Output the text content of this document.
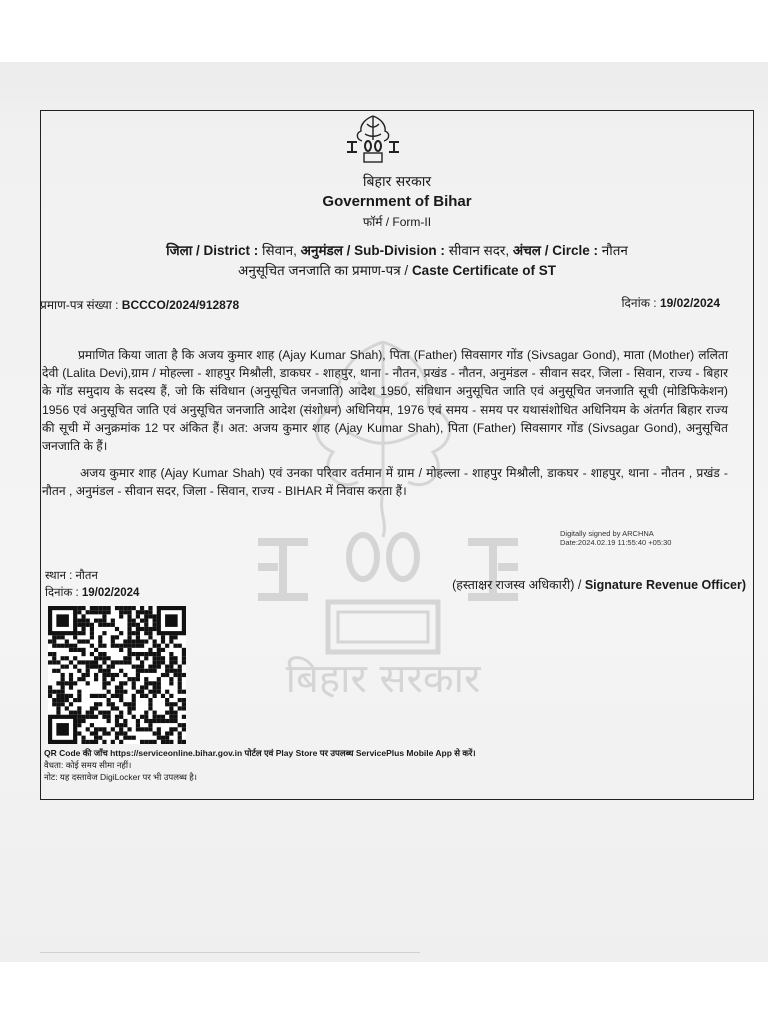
बिहार सरकार
बिहार सरकार
Government of Bihar
फॉर्म / Form-II
जिला / District : सिवान, अनुमंडल / Sub-Division : सीवान सदर, अंचल / Circle : नौतन
अनुसूचित जनजाति का प्रमाण-पत्र / Caste Certificate of ST
प्रमाण-पत्र संख्या : BCCCO/2024/912878	दिनांक : 19/02/2024
प्रमाणित किया जाता है कि अजय कुमार शाह (Ajay Kumar Shah), पिता (Father) सिवसागर गोंड (Sivsagar Gond), माता (Mother) ललिता देवी (Lalita Devi),ग्राम / मोहल्ला - शाहपुर मिश्रौली, डाकघर - शाहपुर, थाना - नौतन, प्रखंड - नौतन, अनुमंडल - सीवान सदर, जिला - सिवान, राज्य - बिहार के गोंड समुदाय के सदस्य हैं, जो कि संविधान (अनुसूचित जनजाति) आदेश 1950, संविधान अनुसूचित जाति एवं अनुसूचित जनजाति सूची (मोडिफिकेशन) 1956 एवं अनुसूचित जाति एवं अनुसूचित जनजाति आदेश (संशोधन) अधिनियम, 1976 एवं समय - समय पर यथासंशोधित अधिनियम के अंतर्गत बिहार राज्य की सूची में अनुक्रमांक 12 पर अंकित हैं। अत: अजय कुमार शाह (Ajay Kumar Shah), पिता (Father) सिवसागर गोंड (Sivsagar Gond), अनुसूचित जनजाति के हैं।
अजय कुमार शाह (Ajay Kumar Shah) एवं उनका परिवार वर्तमान में ग्राम / मोहल्ला - शाहपुर मिश्रौली, डाकघर - शाहपुर, थाना - नौतन , प्रखंड - नौतन , अनुमंडल - सीवान सदर, जिला - सिवान, राज्य - BIHAR में निवास करता हैं।
Digitally signed by ARCHNA
Date:2024.02.19 11:55:40 +05:30
स्थान : नौतन
दिनांक : 19/02/2024
(हस्ताक्षर राजस्व अधिकारी) / Signature Revenue Officer)
QR Code की जाँच https://serviceonline.bihar.gov.in पोर्टल एवं Play Store पर उपलब्ध ServicePlus Mobile App से करें।
वैधता: कोई समय सीमा नहीं।
नोट: यह दस्तावेज DigiLocker पर भी उपलब्ध है।
